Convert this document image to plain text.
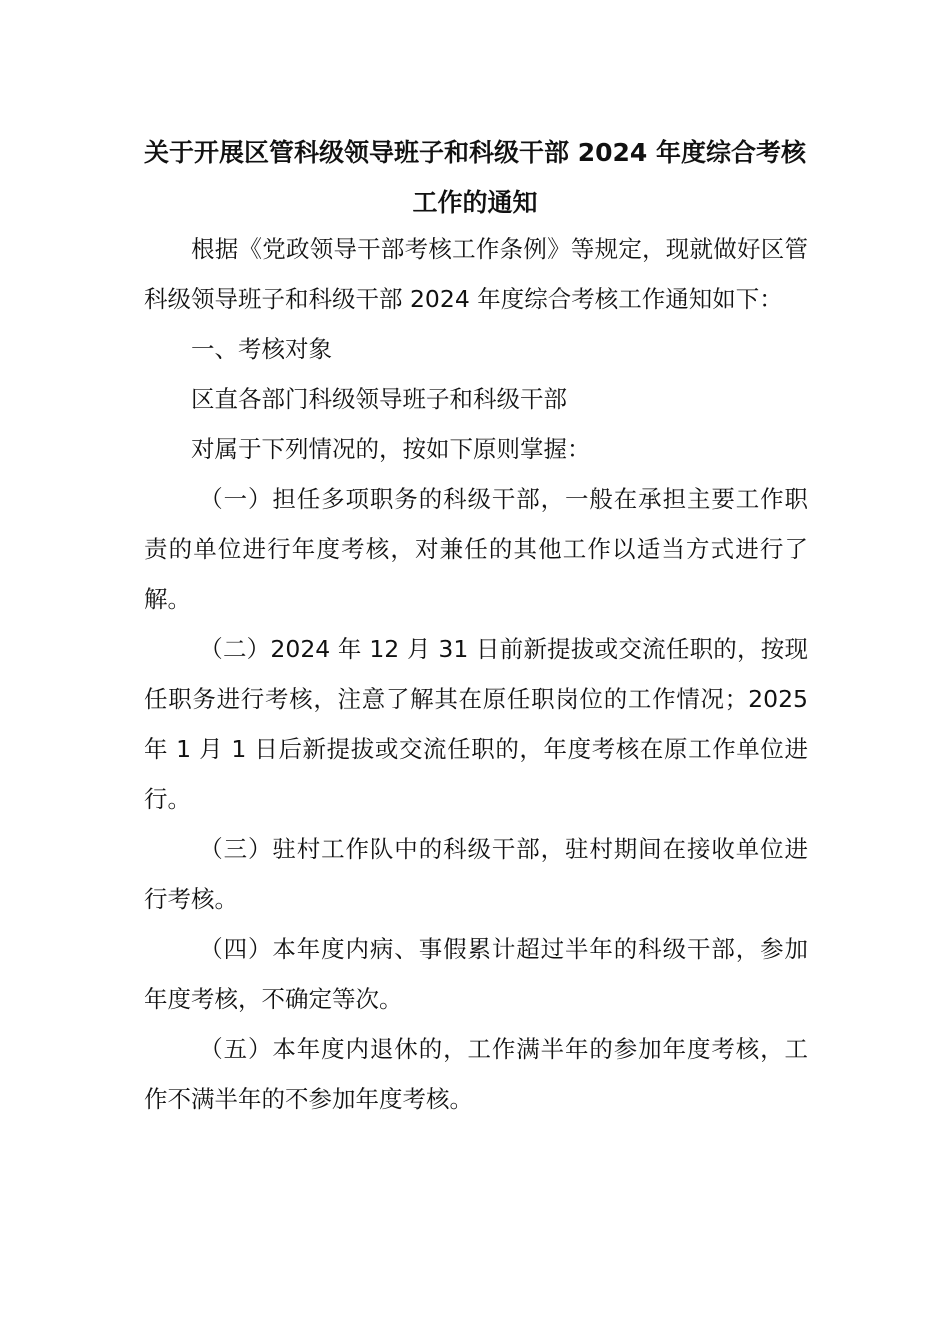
关于开展区管科级领导班子和科级干部 2024 年度综合考核工作的通知

根据《党政领导干部考核工作条例》等规定，现就做好区管科级领导班子和科级干部 2024 年度综合考核工作通知如下：

一、考核对象

区直各部门科级领导班子和科级干部

对属于下列情况的，按如下原则掌握：

（一）担任多项职务的科级干部，一般在承担主要工作职责的单位进行年度考核，对兼任的其他工作以适当方式进行了解。

（二）2024 年 12 月 31 日前新提拔或交流任职的，按现任职务进行考核，注意了解其在原任职岗位的工作情况；2025 年 1 月 1 日后新提拔或交流任职的，年度考核在原工作单位进行。

（三）驻村工作队中的科级干部，驻村期间在接收单位进行考核。

（四）本年度内病、事假累计超过半年的科级干部，参加年度考核，不确定等次。

（五）本年度内退休的，工作满半年的参加年度考核，工作不满半年的不参加年度考核。
